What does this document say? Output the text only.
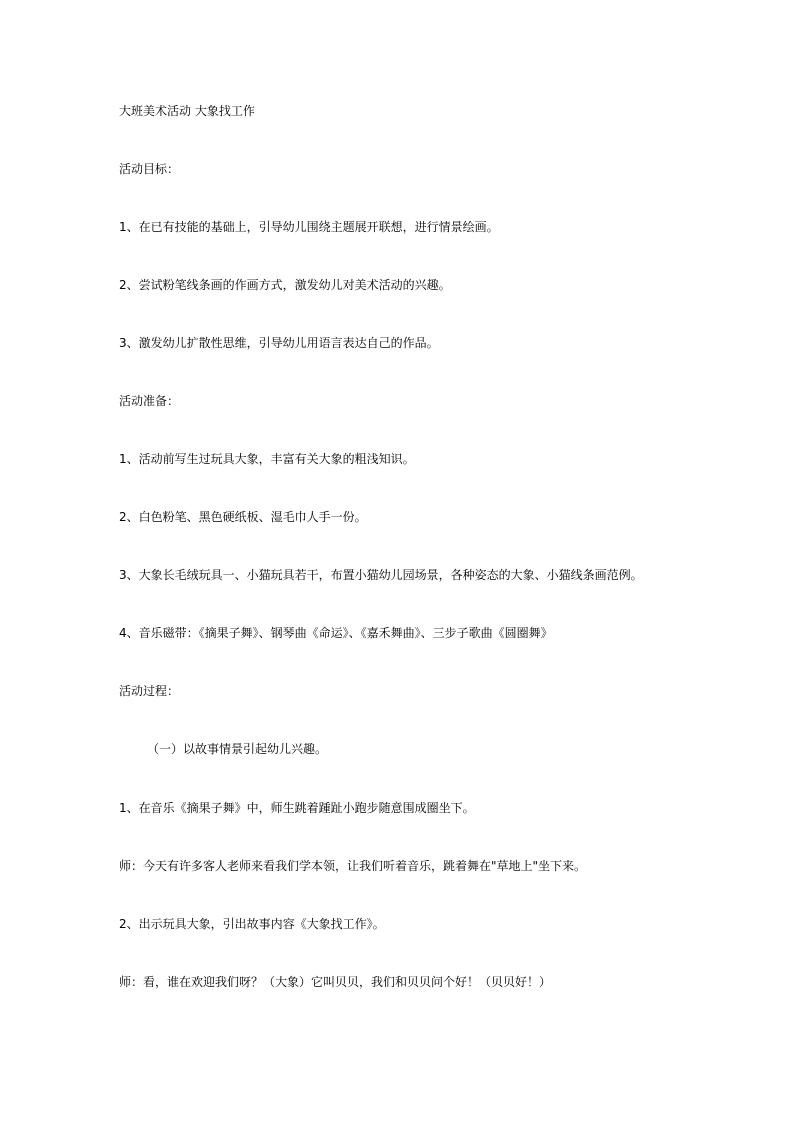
大班美术活动 大象找工作
活动目标：
1、在已有技能的基础上，引导幼儿围绕主题展开联想，进行情景绘画。
2、尝试粉笔线条画的作画方式，激发幼儿对美术活动的兴趣。
3、激发幼儿扩散性思维，引导幼儿用语言表达自己的作品。
活动准备：
1、活动前写生过玩具大象，丰富有关大象的粗浅知识。
2、白色粉笔、黑色硬纸板、湿毛巾人手一份。
3、大象长毛绒玩具一、小猫玩具若干，布置小猫幼儿园场景，各种姿态的大象、小猫线条画范例。
4、音乐磁带：《摘果子舞》、钢琴曲《命运》、《嘉禾舞曲》、三步子歌曲《圆圈舞》
活动过程：
（一）以故事情景引起幼儿兴趣。
1、在音乐《摘果子舞》中，师生跳着踵趾小跑步随意围成圈坐下。
师：今天有许多客人老师来看我们学本领，让我们听着音乐，跳着舞在"草地上"坐下来。
2、出示玩具大象，引出故事内容《大象找工作》。
师：看，谁在欢迎我们呀？（大象）它叫贝贝，我们和贝贝问个好！（贝贝好！）
